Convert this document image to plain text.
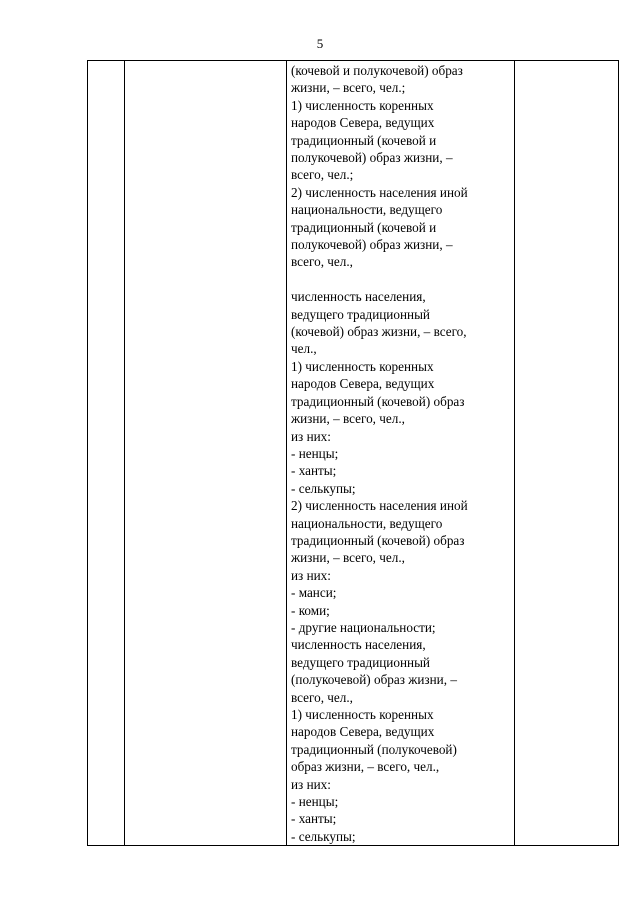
5

(кочевой и полукочевой) образ
жизни, – всего, чел.;
1) численность коренных
народов Севера, ведущих
традиционный (кочевой и
полукочевой) образ жизни, –
всего, чел.;
2) численность населения иной
национальности, ведущего
традиционный (кочевой и
полукочевой) образ жизни, –
всего, чел.,
численность населения,
ведущего традиционный
(кочевой) образ жизни, – всего,
чел.,
1) численность коренных
народов Севера, ведущих
традиционный (кочевой) образ
жизни, – всего, чел.,
из них:
- ненцы;
- ханты;
- селькупы;
2) численность населения иной
национальности, ведущего
традиционный (кочевой) образ
жизни, – всего, чел.,
из них:
- манси;
- коми;
- другие национальности;
численность населения,
ведущего традиционный
(полукочевой) образ жизни, –
всего, чел.,
1) численность коренных
народов Севера, ведущих
традиционный (полукочевой)
образ жизни, – всего, чел.,
из них:
- ненцы;
- ханты;
- селькупы;
